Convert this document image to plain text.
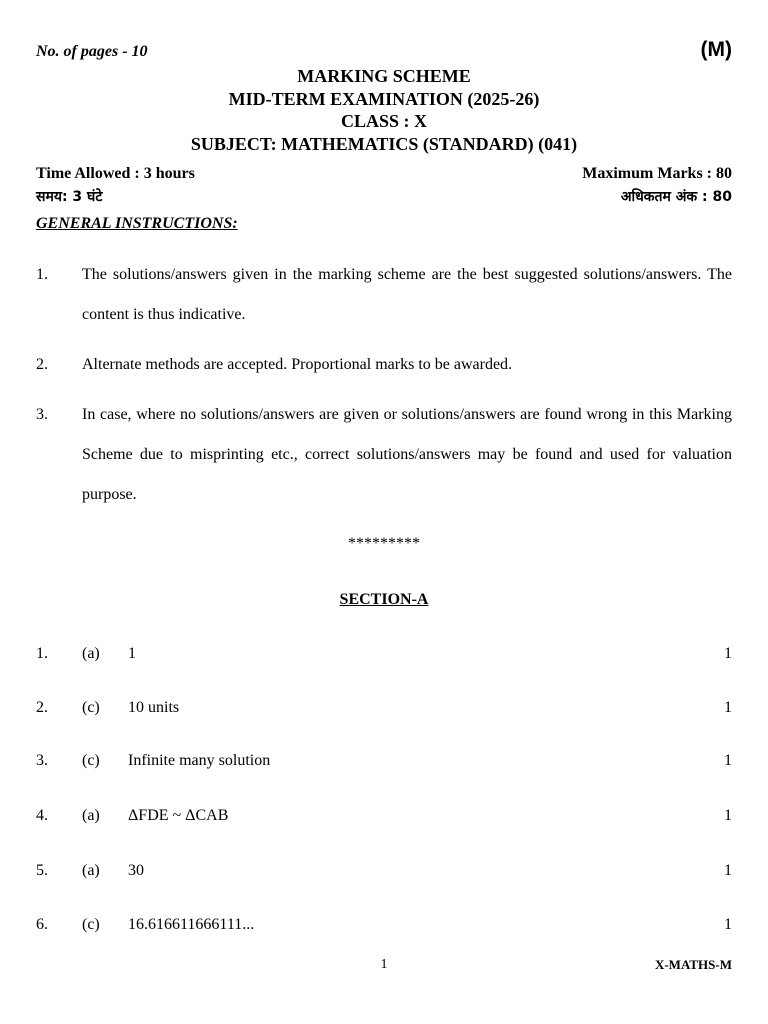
No. of pages - 10	(M)
MARKING SCHEME
MID-TERM EXAMINATION (2025-26)
CLASS : X
SUBJECT: MATHEMATICS (STANDARD) (041)
Time Allowed : 3 hours	Maximum Marks : 80
समय: 3 घंटे	अधिकतम अंक : 80
GENERAL INSTRUCTIONS:
1. The solutions/answers given in the marking scheme are the best suggested solutions/answers. The content is thus indicative.
2. Alternate methods are accepted. Proportional marks to be awarded.
3. In case, where no solutions/answers are given or solutions/answers are found wrong in this Marking Scheme due to misprinting etc., correct solutions/answers may be found and used for valuation purpose.
*********
SECTION-A
1. (a) 1	1
2. (c) 10 units	1
3. (c) Infinite many solution	1
4. (a) ΔFDE ~ ΔCAB	1
5. (a) 30	1
6. (c) 16.616611666111...	1
1	X-MATHS-M
